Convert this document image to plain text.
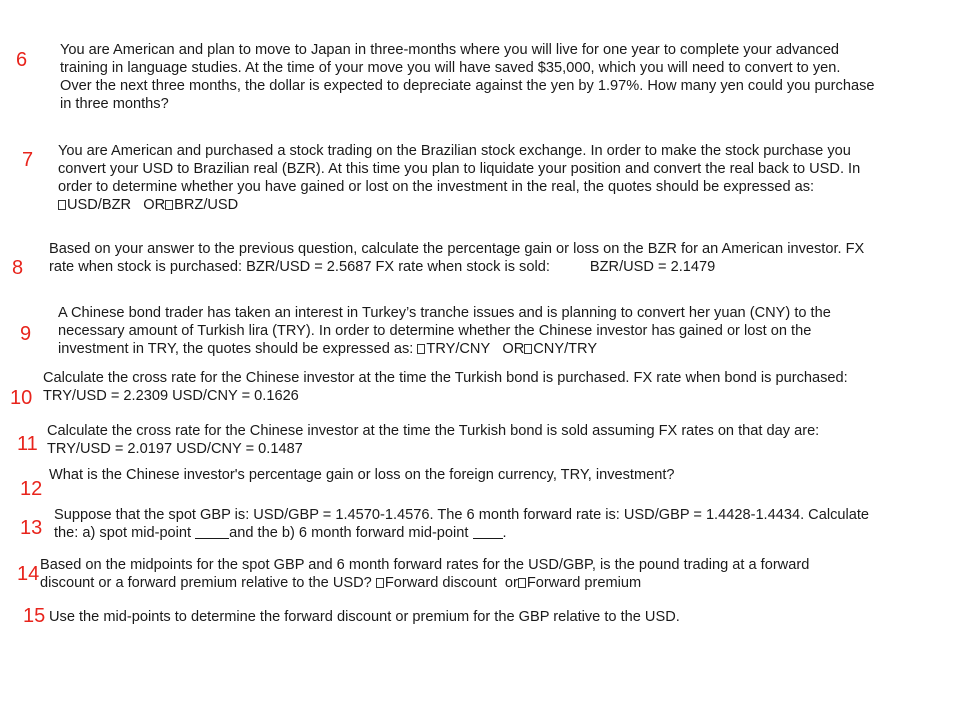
6 You are American and plan to move to Japan in three-months where you will live for one year to complete your advanced
training in language studies. At the time of your move you will have saved $35,000, which you will need to convert to yen.
Over the next three months, the dollar is expected to depreciate against the yen by 1.97%. How many yen could you purchase
in three months?
7 You are American and purchased a stock trading on the Brazilian stock exchange. In order to make the stock purchase you
convert your USD to Brazilian real (BZR). At this time you plan to liquidate your position and convert the real back to USD. In
order to determine whether you have gained or lost on the investment in the real, the quotes should be expressed as:
USD/BZR OR BRZ/USD
8
Based on your answer to the previous question, calculate the percentage gain or loss on the BZR for an American investor. FX
rate when stock is purchased: BZR/USD = 2.5687 FX rate when stock is sold:	BZR/USD = 2.1479
9
A Chinese bond trader has taken an interest in Turkey’s tranche issues and is planning to convert her yuan (CNY) to the
necessary amount of Turkish lira (TRY). In order to determine whether the Chinese investor has gained or lost on the
investment in TRY, the quotes should be expressed as: TRY/CNY OR CNY/TRY
10
Calculate the cross rate for the Chinese investor at the time the Turkish bond is purchased. FX rate when bond is purchased:
TRY/USD = 2.2309 USD/CNY = 0.1626
11
Calculate the cross rate for the Chinese investor at the time the Turkish bond is sold assuming FX rates on that day are:
TRY/USD = 2.0197 USD/CNY = 0.1487
12
What is the Chinese investor's percentage gain or loss on the foreign currency, TRY, investment?
13
Suppose that the spot GBP is: USD/GBP = 1.4570-1.4576. The 6 month forward rate is: USD/GBP = 1.4428-1.4434. Calculate
the: a) spot mid-point and the b) 6 month forward mid-point .
14 Based on the midpoints for the spot GBP and 6 month forward rates for the USD/GBP, is the pound trading at a forward
discount or a forward premium relative to the USD? Forward discount or Forward premium
15 Use the mid-points to determine the forward discount or premium for the GBP relative to the USD.
